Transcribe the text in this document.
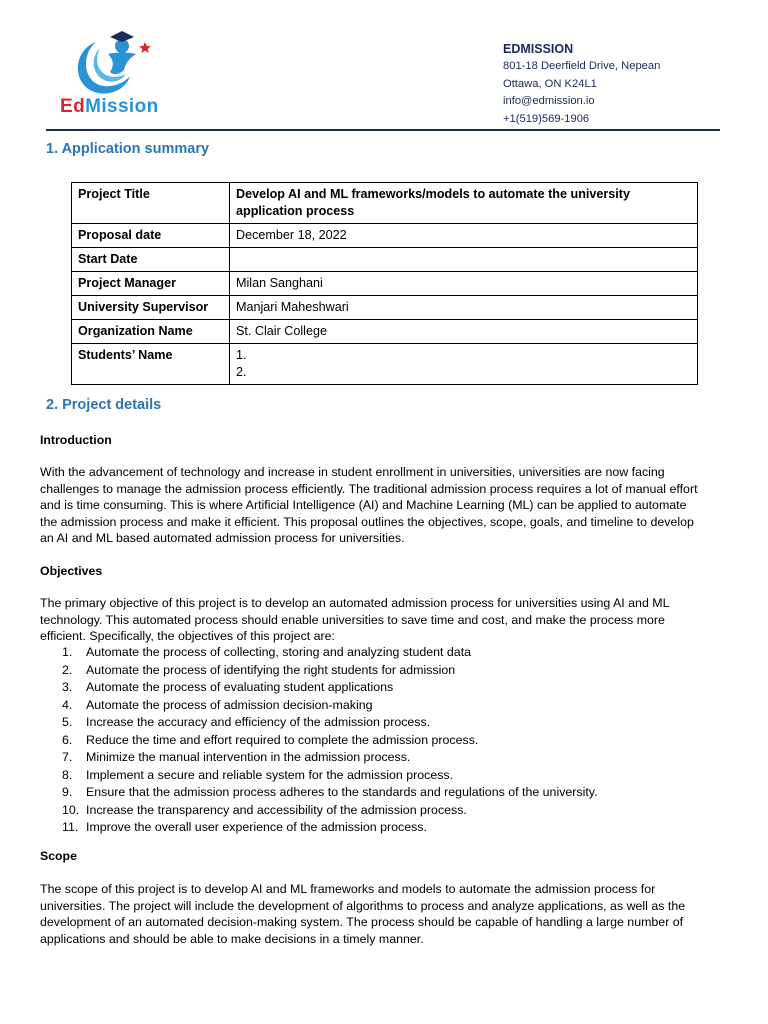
EdMission
EDMISSION
801-18 Deerfield Drive, Nepean
Ottawa, ON K24L1
info@edmission.io
+1(519)569-1906
1. Application summary
Project Title	Develop AI and ML frameworks/models to automate the university application process
Proposal date	December 18, 2022
Start Date	
Project Manager	Milan Sanghani
University Supervisor	Manjari Maheshwari
Organization Name	St. Clair College
Students’ Name	1.
2.
2. Project details
Introduction
With the advancement of technology and increase in student enrollment in universities, universities are now facing challenges to manage the admission process efficiently. The traditional admission process requires a lot of manual effort and is time consuming. This is where Artificial Intelligence (AI) and Machine Learning (ML) can be applied to automate the admission process and make it efficient. This proposal outlines the objectives, scope, goals, and timeline to develop an AI and ML based automated admission process for universities.
Objectives
The primary objective of this project is to develop an automated admission process for universities using AI and ML technology. This automated process should enable universities to save time and cost, and make the process more efficient. Specifically, the objectives of this project are:
1.	Automate the process of collecting, storing and analyzing student data
2.	Automate the process of identifying the right students for admission
3.	Automate the process of evaluating student applications
4.	Automate the process of admission decision-making
5.	Increase the accuracy and efficiency of the admission process.
6.	Reduce the time and effort required to complete the admission process.
7.	Minimize the manual intervention in the admission process.
8.	Implement a secure and reliable system for the admission process.
9.	Ensure that the admission process adheres to the standards and regulations of the university.
10. Increase the transparency and accessibility of the admission process.
11. Improve the overall user experience of the admission process.
Scope
The scope of this project is to develop AI and ML frameworks and models to automate the admission process for universities. The project will include the development of algorithms to process and analyze applications, as well as the development of an automated decision-making system. The process should be capable of handling a large number of applications and should be able to make decisions in a timely manner.
